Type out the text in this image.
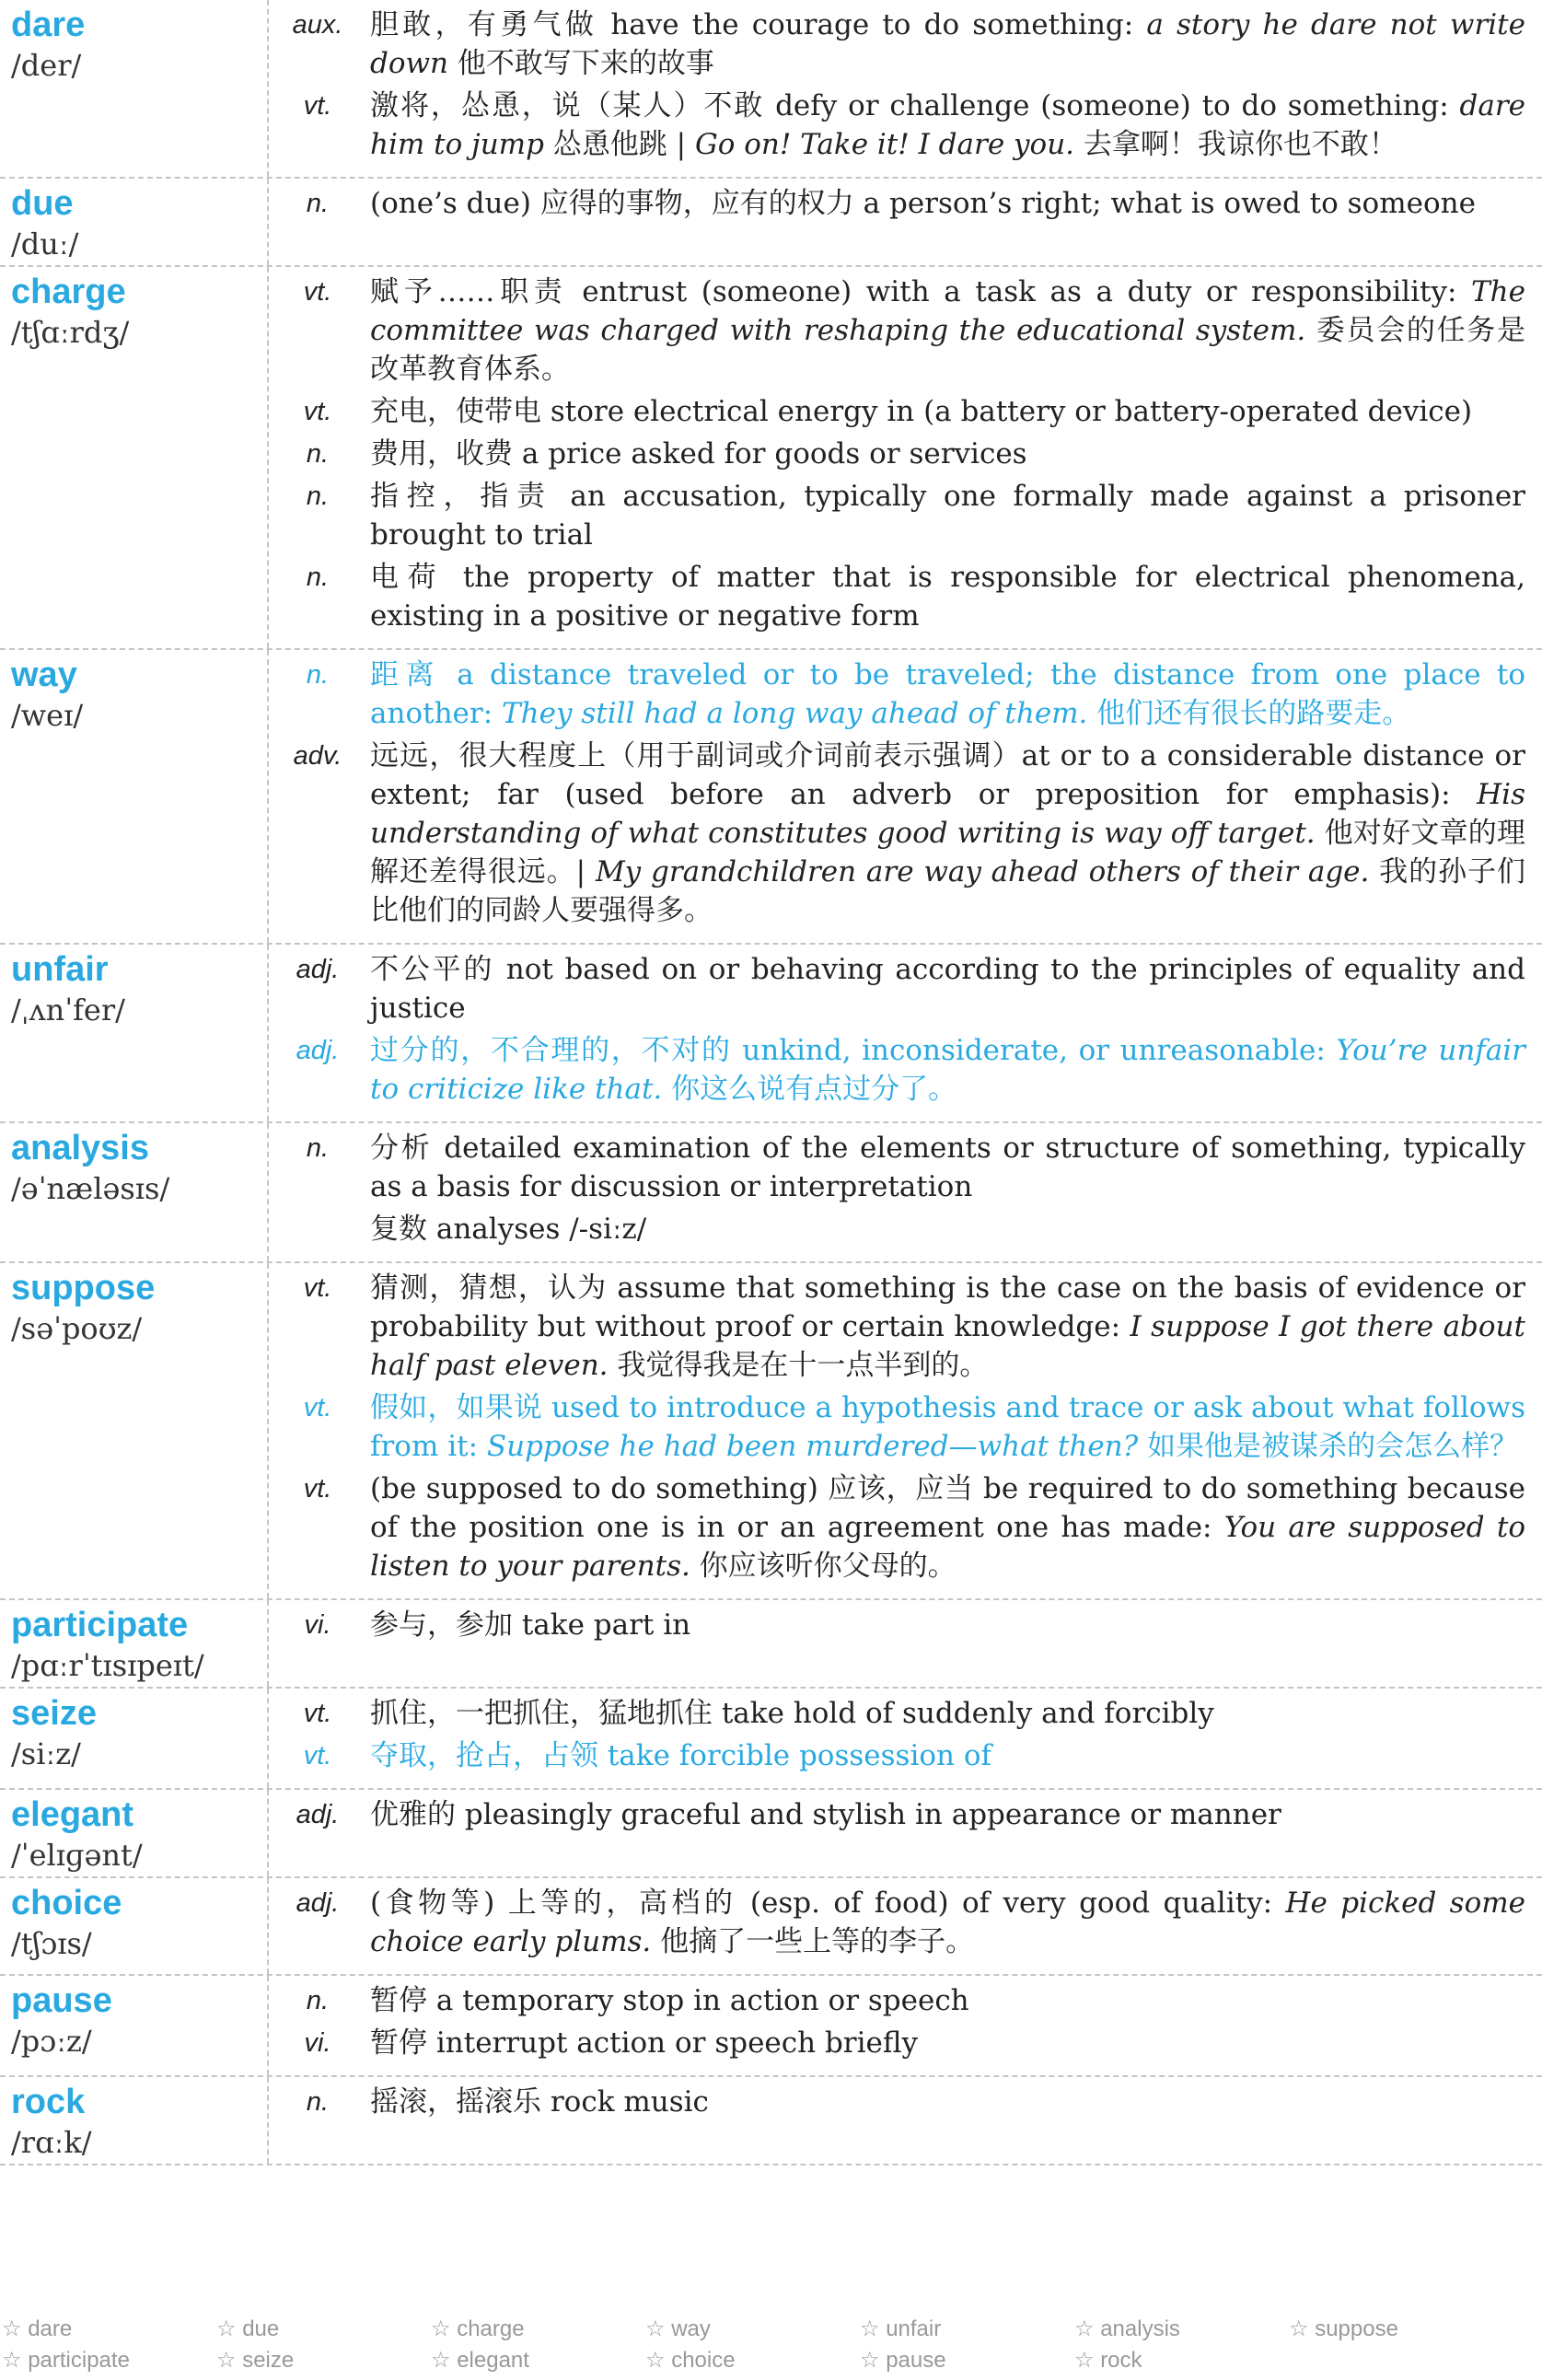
dare
/der/
aux. 胆敢，有勇气做 have the courage to do something: a story he dare not write down 他不敢写下来的故事
vt.	激将，怂恿，说（某人）不敢 defy or challenge (someone) to do something: dare him to jump 怂恿他跳 | Go on! Take it! I dare you. 去拿啊！我谅你也不敢！
due
/duː/
n.	(one’s due) 应得的事物，应有的权力 a person’s right; what is owed to someone
charge
/tʃɑːrdʒ/
vt.	赋予……职责 entrust (someone) with a task as a duty or responsibility: The committee was charged with reshaping the educational system. 委员会的任务是改革教育体系。
vt.	充电，使带电 store electrical energy in (a battery or battery-operated device)
n.	费用，收费 a price asked for goods or services
n.	指控，指责 an accusation, typically one formally made against a prisoner brought to trial
n.	电荷 the property of matter that is responsible for electrical phenomena, existing in a positive or negative form
way
/weɪ/
n.	距离 a distance traveled or to be traveled; the distance from one place to another: They still had a long way ahead of them. 他们还有很长的路要走。
adv. 远远，很大程度上（用于副词或介词前表示强调）at or to a considerable distance or extent; far (used before an adverb or preposition for emphasis): His understanding of what constitutes good writing is way off target. 他对好文章的理解还差得很远。| My grandchildren are way ahead others of their age. 我的孙子们比他们的同龄人要强得多。
unfair
/ˌʌnˈfer/
adj.	不公平的 not based on or behaving according to the principles of equality and justice
adj.	过分的，不合理的，不对的 unkind, inconsiderate, or unreasonable: You’re unfair to criticize like that. 你这么说有点过分了。
analysis
/əˈnæləsɪs/
n.	分析 detailed examination of the elements or structure of something, typically as a basis for discussion or interpretation
复数 analyses /-siːz/
suppose
/səˈpoʊz/
vt.	猜测，猜想，认为 assume that something is the case on the basis of evidence or probability but without proof or certain knowledge: I suppose I got there about half past eleven. 我觉得我是在十一点半到的。
vt.	假如，如果说 used to introduce a hypothesis and trace or ask about what follows from it: Suppose he had been murdered—what then? 如果他是被谋杀的会怎么样？
vt.	(be supposed to do something) 应该，应当 be required to do something because of the position one is in or an agreement one has made: You are supposed to listen to your parents. 你应该听你父母的。
participate
/pɑːrˈtɪsɪpeɪt/
vi.	参与，参加 take part in
seize
/siːz/
vt.	抓住，一把抓住，猛地抓住 take hold of suddenly and forcibly
vt.	夺取，抢占，占领 take forcible possession of
elegant
/ˈelɪɡənt/
adj.	优雅的 pleasingly graceful and stylish in appearance or manner
choice
/tʃɔɪs/
adj.	(食物等) 上等的，高档的 (esp. of food) of very good quality: He picked some choice early plums. 他摘了一些上等的李子。
pause
/pɔːz/
n.	暂停 a temporary stop in action or speech
vi.	暂停 interrupt action or speech briefly
rock
/rɑːk/
n.	摇滚，摇滚乐 rock music
☆ dare	☆ due	☆ charge	☆ way	☆ unfair	☆ analysis	☆ suppose
☆ participate	☆ seize	☆ elegant	☆ choice	☆ pause	☆ rock
